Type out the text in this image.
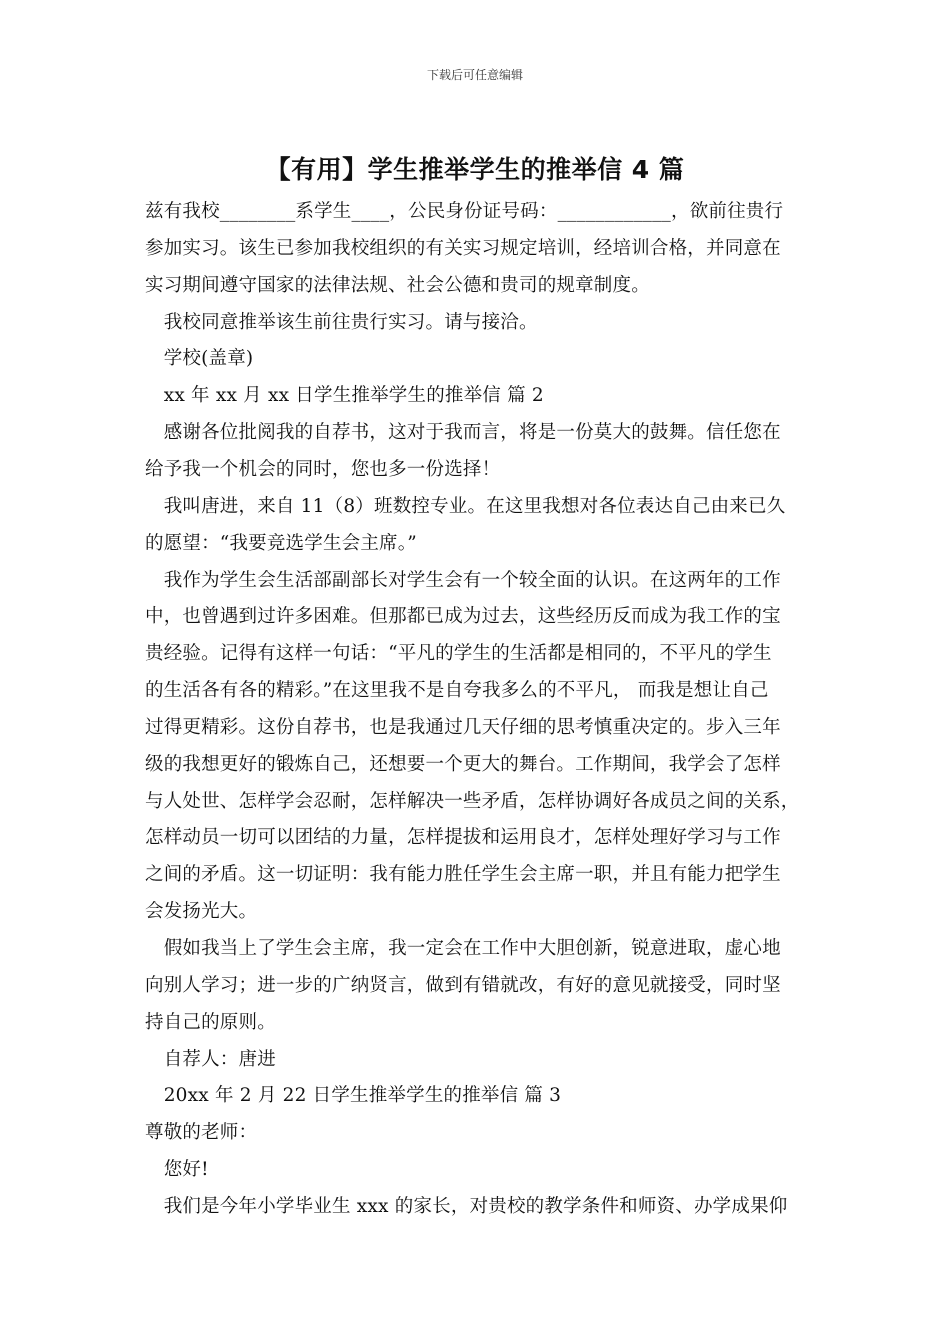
下载后可任意编辑
【有用】学生推举学生的推举信 4 篇
兹有我校________系学生____，公民身份证号码：____________，欲前往贵行
参加实习。该生已参加我校组织的有关实习规定培训，经培训合格，并同意在
实习期间遵守国家的法律法规、社会公德和贵司的规章制度。
　我校同意推举该生前往贵行实习。请与接洽。
　学校(盖章)
　xx 年 xx 月 xx 日学生推举学生的推举信 篇 2
　感谢各位批阅我的自荐书，这对于我而言，将是一份莫大的鼓舞。信任您在
给予我一个机会的同时，您也多一份选择！
　我叫唐进，来自 11（8）班数控专业。在这里我想对各位表达自己由来已久
的愿望：“我要竞选学生会主席。”
　我作为学生会生活部副部长对学生会有一个较全面的认识。在这两年的工作
中，也曾遇到过许多困难。但那都已成为过去，这些经历反而成为我工作的宝
贵经验。记得有这样一句话：“平凡的学生的生活都是相同的，不平凡的学生
的生活各有各的精彩。”在这里我不是自夸我多么的不平凡， 而我是想让自己
过得更精彩。这份自荐书，也是我通过几天仔细的思考慎重决定的。步入三年
级的我想更好的锻炼自己，还想要一个更大的舞台。工作期间，我学会了怎样
与人处世、怎样学会忍耐，怎样解决一些矛盾，怎样协调好各成员之间的关系，
怎样动员一切可以团结的力量，怎样提拔和运用良才，怎样处理好学习与工作
之间的矛盾。这一切证明：我有能力胜任学生会主席一职，并且有能力把学生
会发扬光大。
　假如我当上了学生会主席，我一定会在工作中大胆创新，锐意进取，虚心地
向别人学习；进一步的广纳贤言，做到有错就改，有好的意见就接受，同时坚
持自己的原则。
　自荐人：唐进
　20xx 年 2 月 22 日学生推举学生的推举信 篇 3
尊敬的老师：
　您好!
　我们是今年小学毕业生 xxx 的家长，对贵校的教学条件和师资、办学成果仰
